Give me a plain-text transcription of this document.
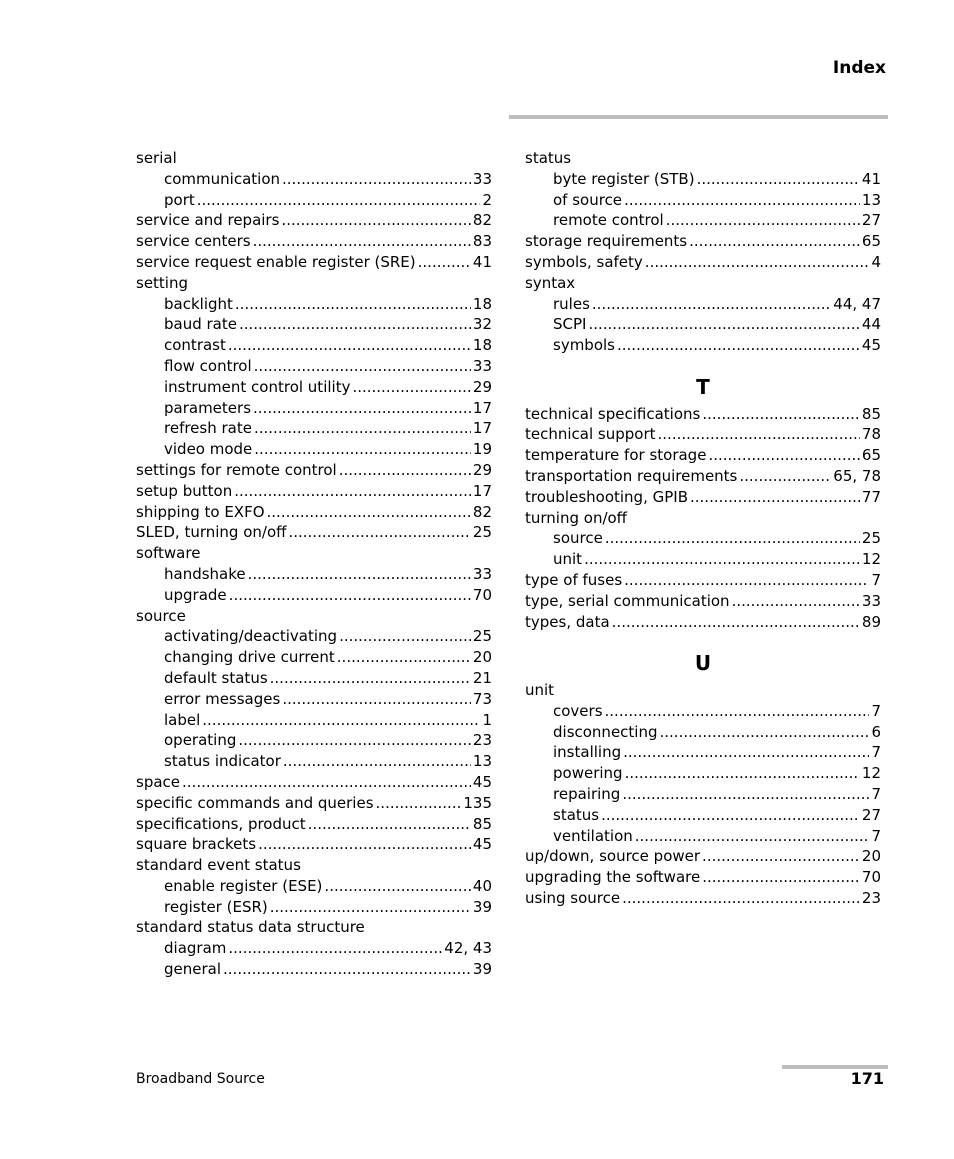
Index
serial
communication .....	33
port .....	2
service and repairs .....	82
service centers .....	83
service request enable register (SRE) .....	41
setting
backlight .....	18
baud rate .....	32
contrast .....	18
flow control .....	33
instrument control utility .....	29
parameters .....	17
refresh rate .....	17
video mode .....	19
settings for remote control .....	29
setup button .....	17
shipping to EXFO .....	82
SLED, turning on/off .....	25
software
handshake .....	33
upgrade .....	70
source
activating/deactivating .....	25
changing drive current .....	20
default status .....	21
error messages .....	73
label .....	1
operating .....	23
status indicator .....	13
space .....	45
specific commands and queries .....	135
specifications, product .....	85
square brackets .....	45
standard event status
enable register (ESE) .....	40
register (ESR) .....	39
standard status data structure
diagram .....	42, 43
general .....	39
status
byte register (STB) .....	41
of source .....	13
remote control .....	27
storage requirements .....	65
symbols, safety .....	4
syntax
rules .....	44, 47
SCPI .....	44
symbols .....	45
T
technical specifications .....	85
technical support .....	78
temperature for storage .....	65
transportation requirements .....	65, 78
troubleshooting, GPIB .....	77
turning on/off
source .....	25
unit .....	12
type of fuses .....	7
type, serial communication .....	33
types, data .....	89
U
unit
covers .....	7
disconnecting .....	6
installing .....	7
powering .....	12
repairing .....	7
status .....	27
ventilation .....	7
up/down, source power .....	20
upgrading the software .....	70
using source .....	23
Broadband Source	171
